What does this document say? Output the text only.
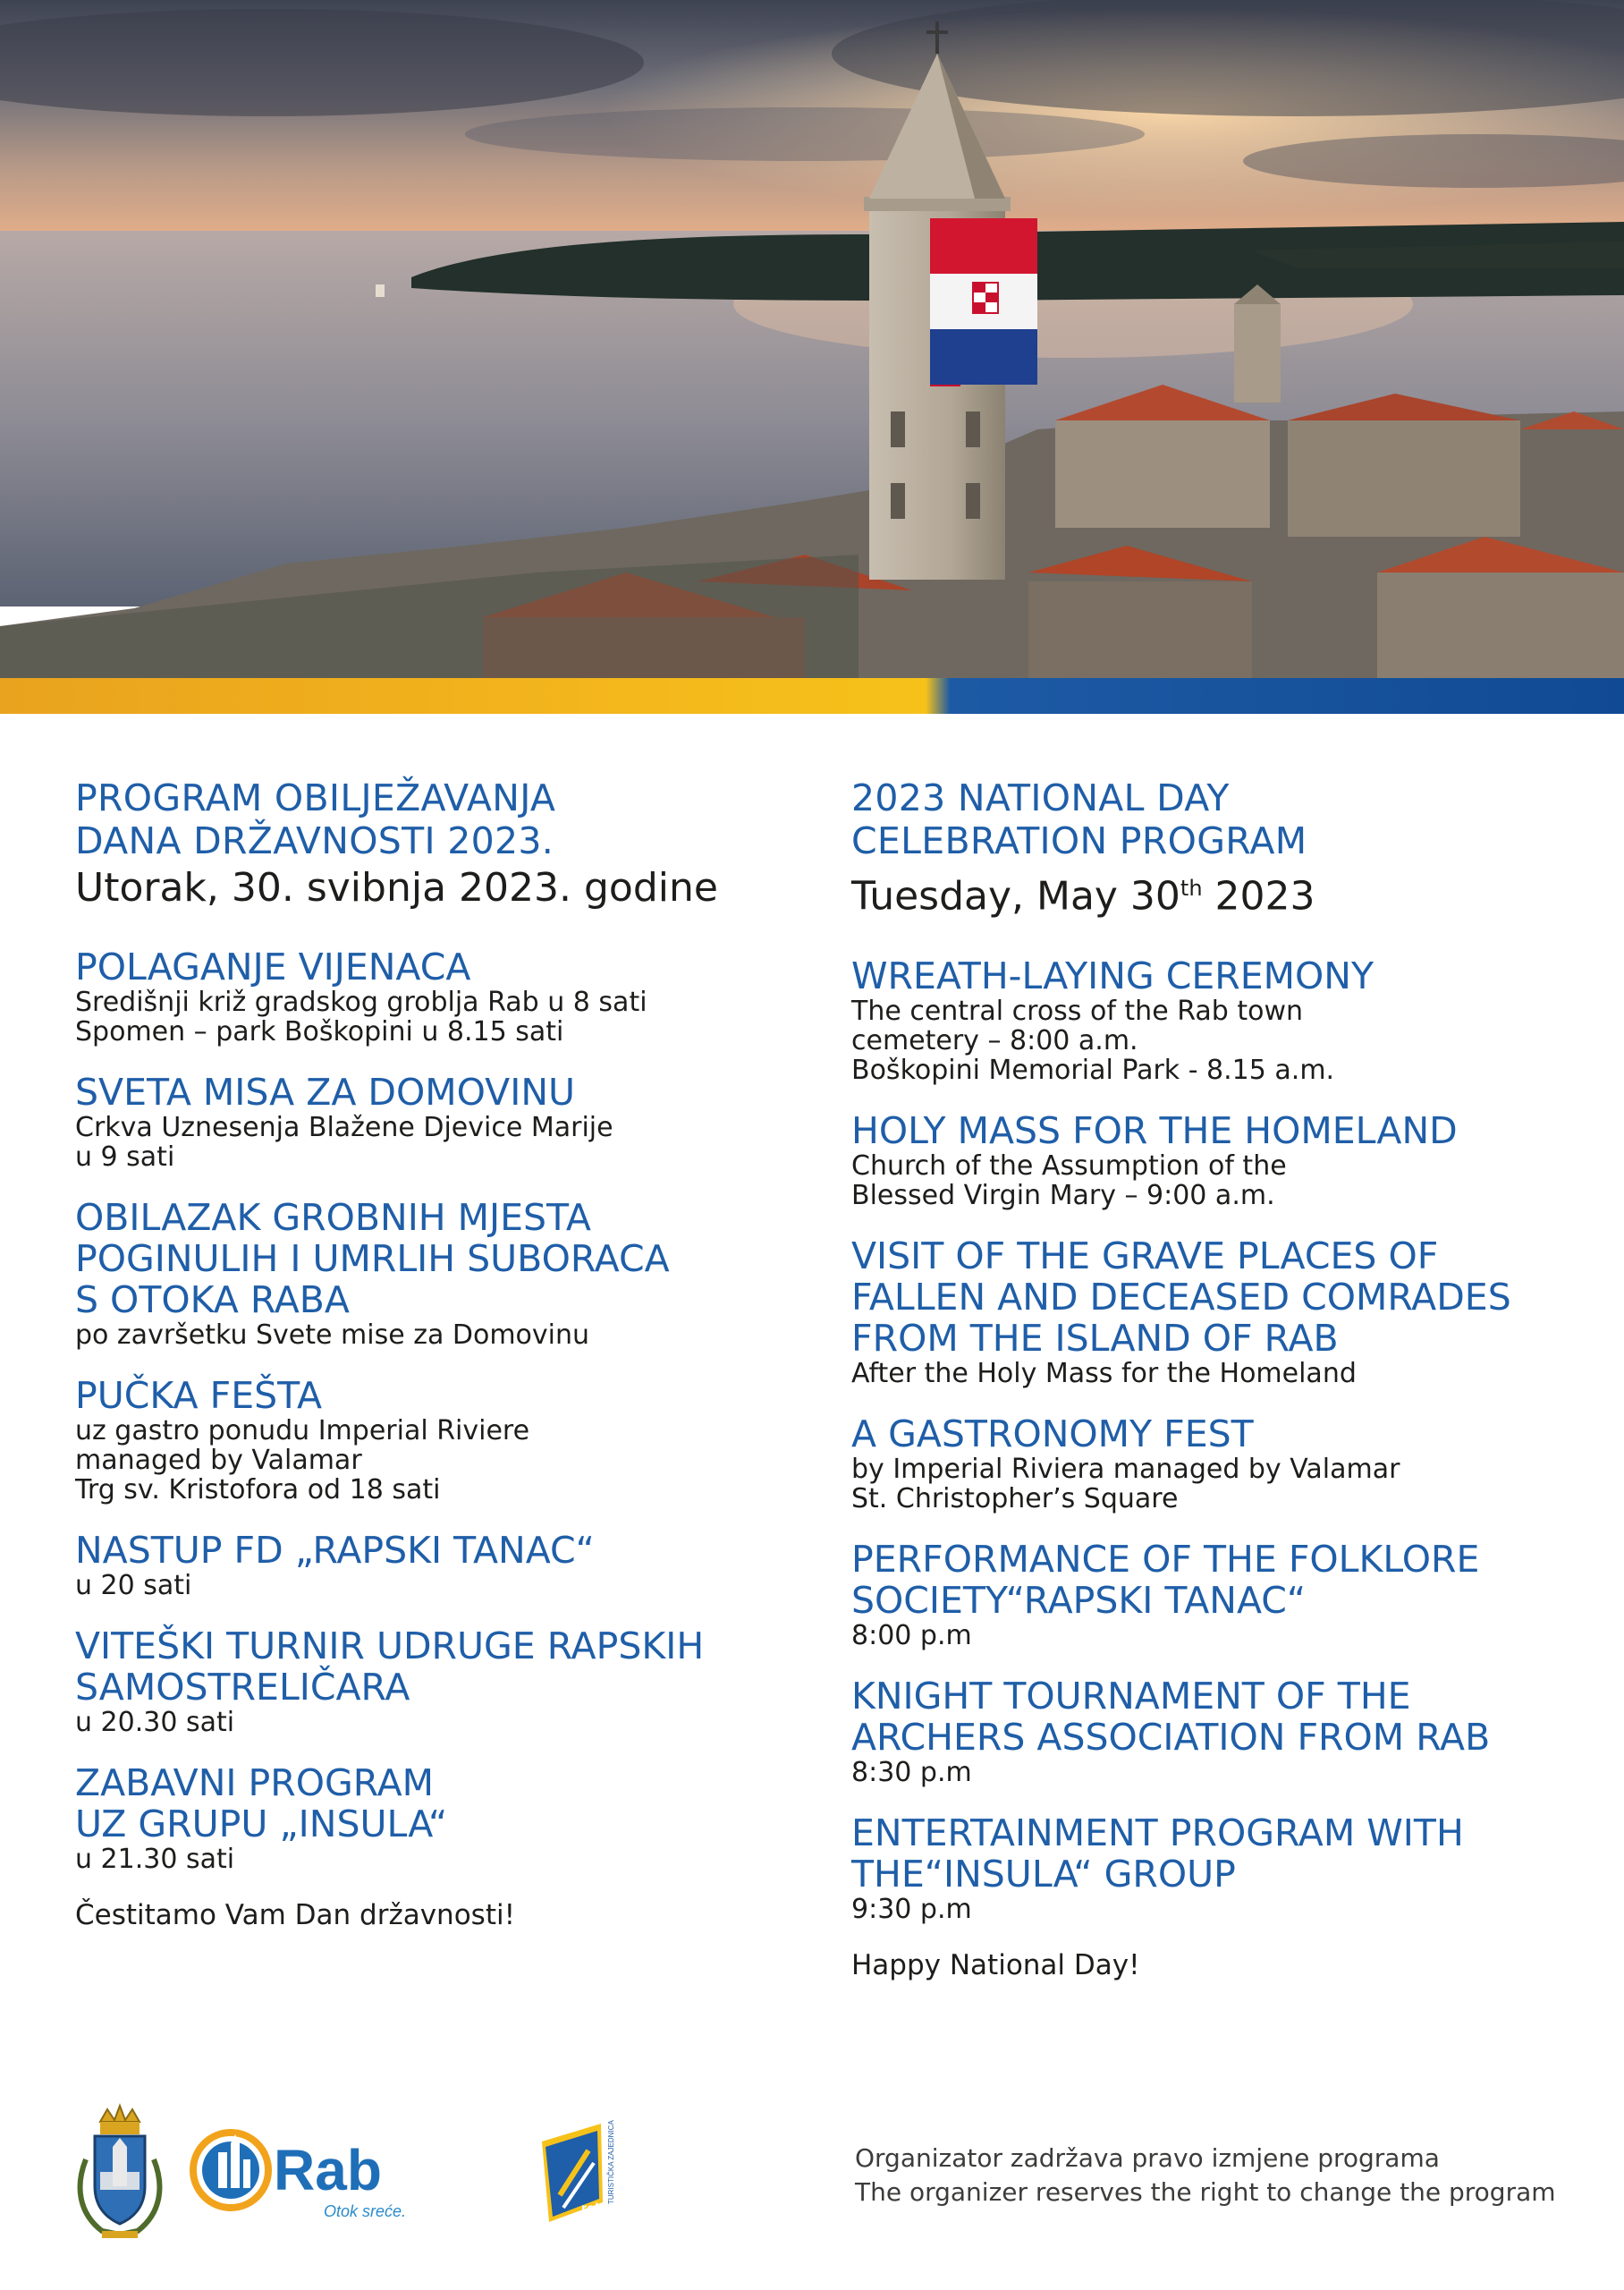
PROGRAM OBILJEŽAVANJA
DANA DRŽAVNOSTI 2023.

Utorak, 30. svibnja 2023. godine

POLAGANJE VIJENACA

Središnji križ gradskog groblja Rab u 8 sati

Spomen – park Boškopini u 8.15 sati

SVETA MISA ZA DOMOVINU

Crkva Uznesenja Blažene Djevice Marije

u 9 sati

OBILAZAK GROBNIH MJESTA
POGINULIH I UMRLIH SUBORACA
S OTOKA RABA

po završetku Svete mise za Domovinu

PUČKA FEŠTA

uz gastro ponudu Imperial Riviere

managed by Valamar

Trg sv. Kristofora od 18 sati

NASTUP FD „RAPSKI TANAC“

u 20 sati

VITEŠKI TURNIR UDRUGE RAPSKIH
SAMOSTRELIČARA

u 20.30 sati

ZABAVNI PROGRAM
UZ GRUPU „INSULA“

u 21.30 sati

Čestitamo Vam Dan državnosti!

2023 NATIONAL DAY
CELEBRATION PROGRAM

Tuesday, May 30th 2023

WREATH-LAYING CEREMONY

The central cross of the Rab town

cemetery – 8:00 a.m.

Boškopini Memorial Park - 8.15 a.m.

HOLY MASS FOR THE HOMELAND

Church of the Assumption of the

Blessed Virgin Mary – 9:00 a.m.

VISIT OF THE GRAVE PLACES OF
FALLEN AND DECEASED COMRADES
FROM THE ISLAND OF RAB

After the Holy Mass for the Homeland

A GASTRONOMY FEST

by Imperial Riviera managed by Valamar

St. Christopher’s Square

PERFORMANCE OF THE FOLKLORE
SOCIETY“RAPSKI TANAC“

8:00 p.m

KNIGHT TOURNAMENT OF THE
ARCHERS ASSOCIATION FROM RAB

8:30 p.m

ENTERTAINMENT PROGRAM WITH
THE“INSULA“ GROUP

9:30 p.m

Happy National Day!

Rab
Otok sreće.	rab
TURISTIČKA ZAJEDNICA	Organizator zadržava pravo izmjene programa
The organizer reserves the right to change the program
